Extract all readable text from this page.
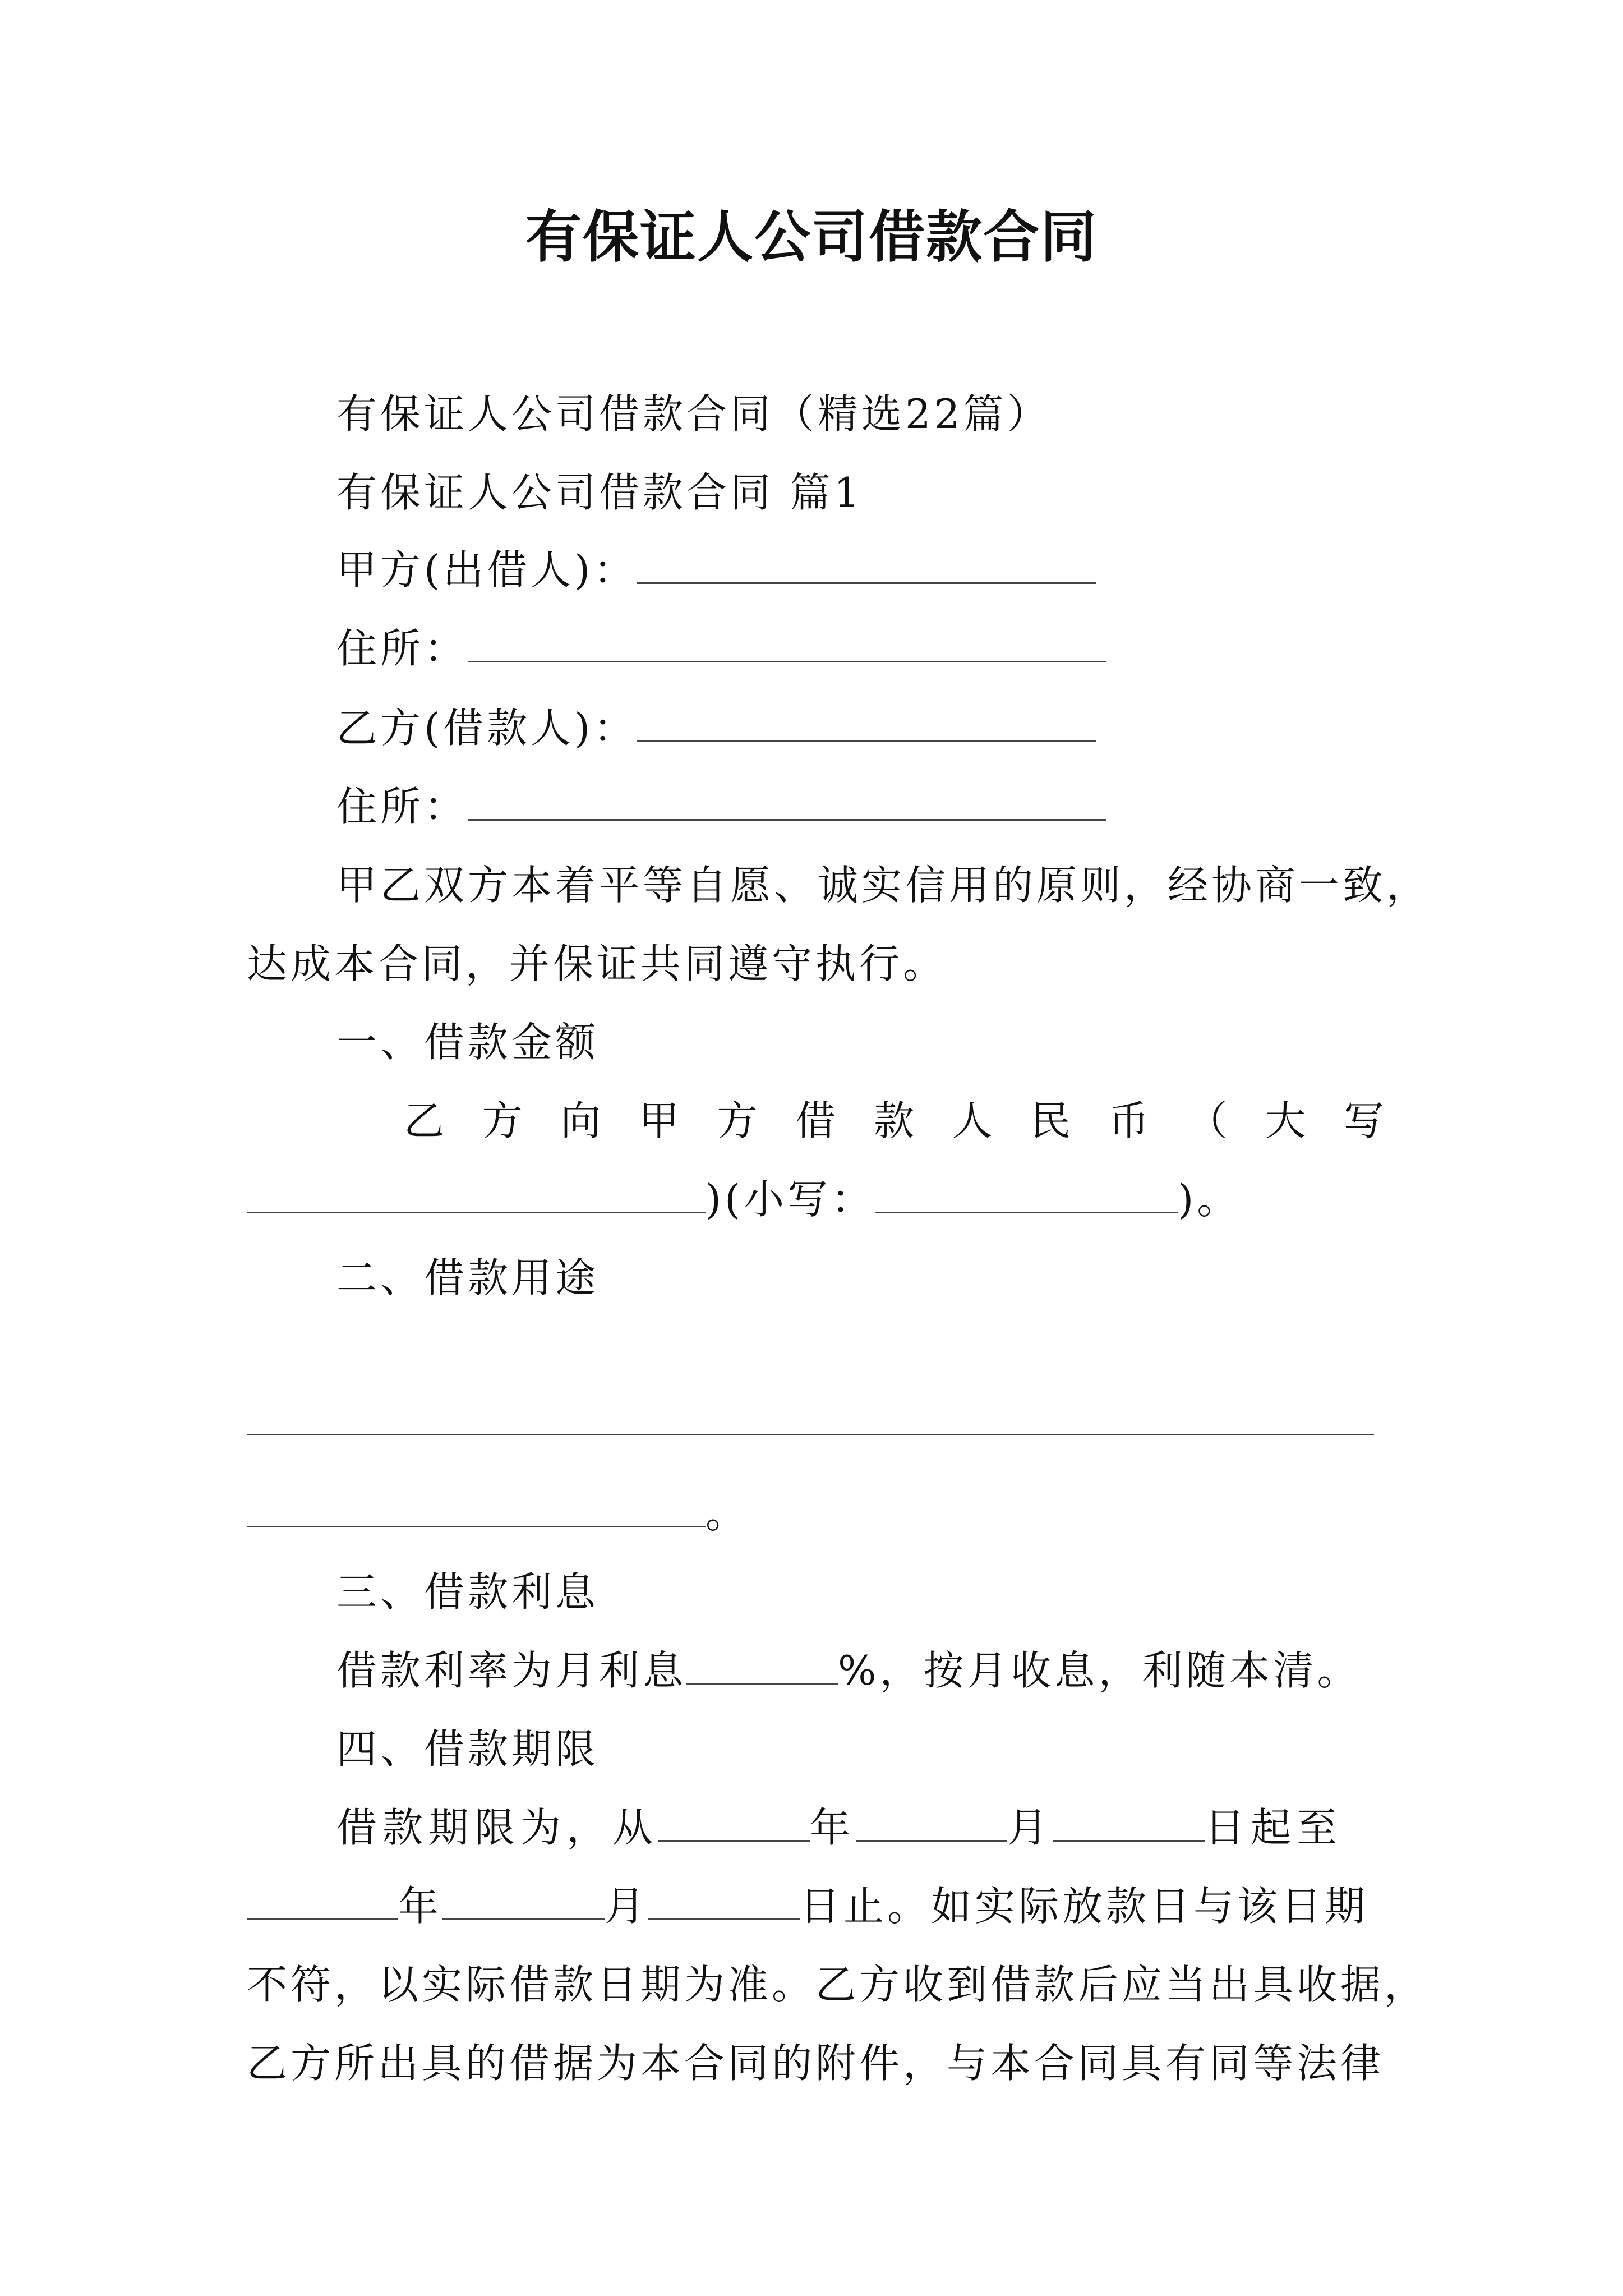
有保证人公司借款合同
有保证人公司借款合同（精选22篇）
有保证人公司借款合同 篇1
甲方(出借人)：
住所：
乙方(借款人)：
住所：
甲乙双方本着平等自愿、诚实信用的原则，经协商一致，
达成本合同，并保证共同遵守执行。
一、借款金额
乙 方 向 甲 方 借 款 人 民 币 （ 大 写
)(小写：	)。
二、借款用途
。
三、借款利息
借款利率为月利息	%，按月收息，利随本清。
四、借款期限
借款期限为，从	年	月	日起至
年	月	日止。如实际放款日与该日期
不符，以实际借款日期为准。乙方收到借款后应当出具收据，
乙方所出具的借据为本合同的附件，与本合同具有同等法律
